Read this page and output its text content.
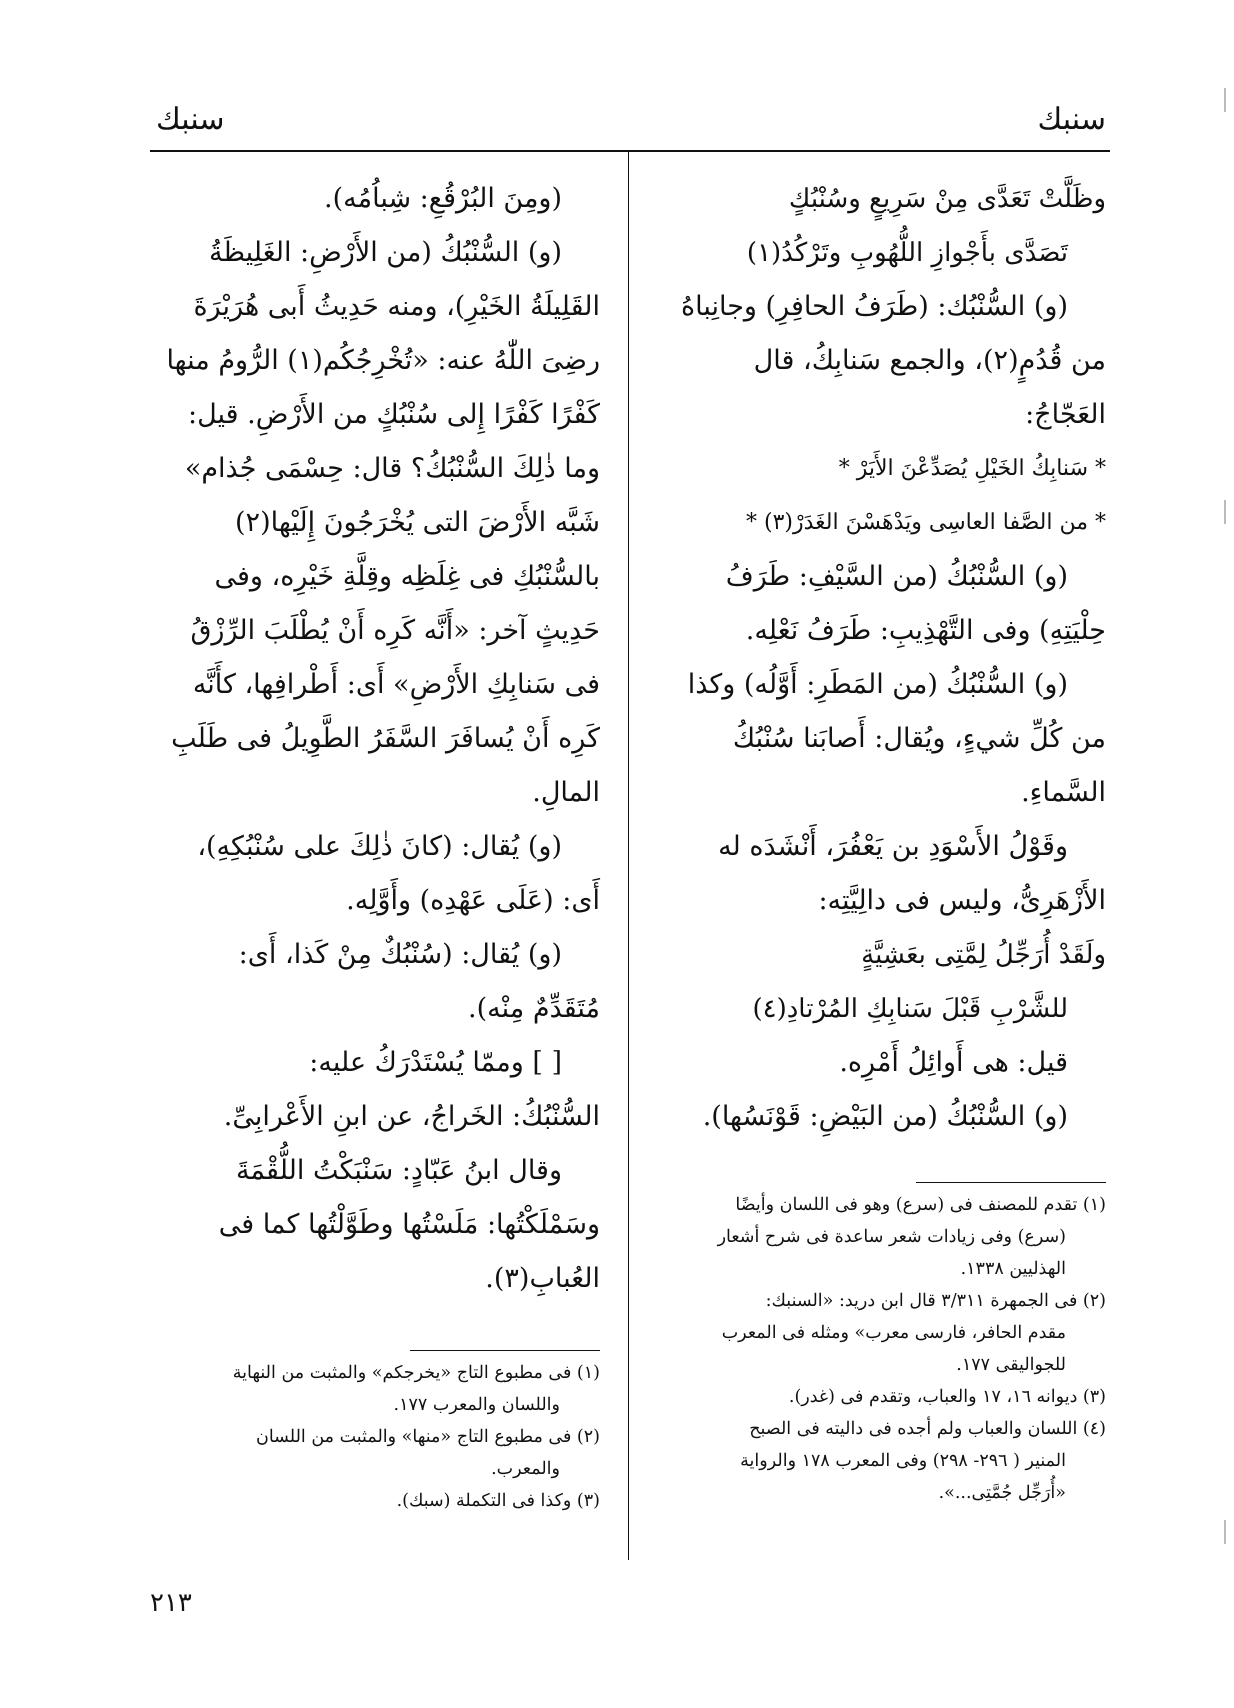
سنبك
سنبك
وظَلَّتْ تَعَدَّى مِنْ سَرِيعٍ وسُنْبُكٍ
تَصَدَّى بأَجْوازِ اللُّهُوبِ وتَرْكُدُ(١)
(و) السُّنْبُك: (طَرَفُ الحافِرِ) وجانِباهُ
من قُدُمٍ(٢)، والجمع سَنابِكُ، قال
العَجّاجُ:
* سَنابِكُ الخَيْلِ يُصَدِّعْنَ الأَيَرْ *
* من الصَّفا العاسِى ويَدْهَسْنَ الغَدَرْ(٣) *
(و) السُّنْبُكُ (من السَّيْفِ: طَرَفُ
حِلْيَتِهِ) وفى التَّهْذِيبِ: طَرَفُ نَعْلِه.
(و) السُّنْبُكُ (من المَطَرِ: أَوَّلُه) وكذا
من كُلِّ شيءٍ، ويُقال: أَصابَنا سُنْبُكُ
السَّماءِ.
وقَوْلُ الأَسْوَدِ بن يَعْفُرَ، أَنْشَدَه له
الأَزْهَرِىُّ، وليس فى دالِيَّتِه:
ولَقَدْ أُرَجِّلُ لِمَّتِى بعَشِيَّةٍ
للشَّرْبِ قَبْلَ سَنابِكِ المُرْتادِ(٤)
قيل: هى أَوائِلُ أَمْرِه.
(و) السُّنْبُكُ (من البَيْضِ: قَوْنَسُها).
(١) تقدم للمصنف فى (سرع) وهو فى اللسان وأيضًا
(سرع) وفى زيادات شعر ساعدة فى شرح أشعار
الهذليين ١٣٣٨.
(٢) فى الجمهرة ٣/٣١١ قال ابن دريد: «السنبك:
مقدم الحافر، فارسى معرب» ومثله فى المعرب
للجواليقى ١٧٧.
(٣) ديوانه ١٦، ١٧ والعباب، وتقدم فى (غدر).
(٤) اللسان والعباب ولم أجده فى داليته فى الصبح
المنير ( ٢٩٦- ٢٩٨) وفى المعرب ١٧٨ والرواية
«أُرَجِّل جُمَّتِى...».
(ومِنَ البُرْقُعِ: شِباُمُه).
(و) السُّنْبُكُ (من الأَرْضِ: الغَلِيظَةُ
القَلِيلَةُ الخَيْرِ)، ومنه حَدِيثُ أَبى هُرَيْرَةَ
رضِىَ اللّٰهُ عنه: «تُخْرِجُكُم(١) الرُّومُ منها
كَفْرًا كَفْرًا إِلى سُنْبُكٍ من الأَرْضِ. قيل:
وما ذٰلِكَ السُّنْبُكُ؟ قال: حِسْمَى جُذام»
شَبَّه الأَرْضَ التى يُخْرَجُونَ إِلَيْها(٢)
بالسُّنْبُكِ فى غِلَظِه وقِلَّةِ خَيْرِه، وفى
حَدِيثٍ آخر: «أَنَّه كَرِه أَنْ يُطْلَبَ الرِّزْقُ
فى سَنابِكِ الأَرْضِ» أَى: أَطْرافِها، كأَنَّه
كَرِه أَنْ يُسافَرَ السَّفَرُ الطَّوِيلُ فى طَلَبِ
المالِ.
(و) يُقال: (كانَ ذٰلِكَ على سُنْبُكِهِ)،
أَى: (عَلَى عَهْدِه) وأَوَّلِه.
(و) يُقال: (سُنْبُكٌ مِنْ كَذا، أَى:
مُتَقَدِّمٌ مِنْه).
[ ] وممّا يُسْتَدْرَكُ عليه:
السُّنْبُكُ: الخَراجُ، عن ابنِ الأَعْرابِىِّ.
وقال ابنُ عَبّادٍ: سَنْبَكْتُ اللُّقْمَةَ
وسَمْلَكْتُها: مَلَسْتُها وطَوَّلْتُها كما فى
العُبابِ(٣).
(١) فى مطبوع التاج «يخرجكم» والمثبت من النهاية
واللسان والمعرب ١٧٧.
(٢) فى مطبوع التاج «منها» والمثبت من اللسان
والمعرب.
(٣) وكذا فى التكملة (سبك).
٢١٣
